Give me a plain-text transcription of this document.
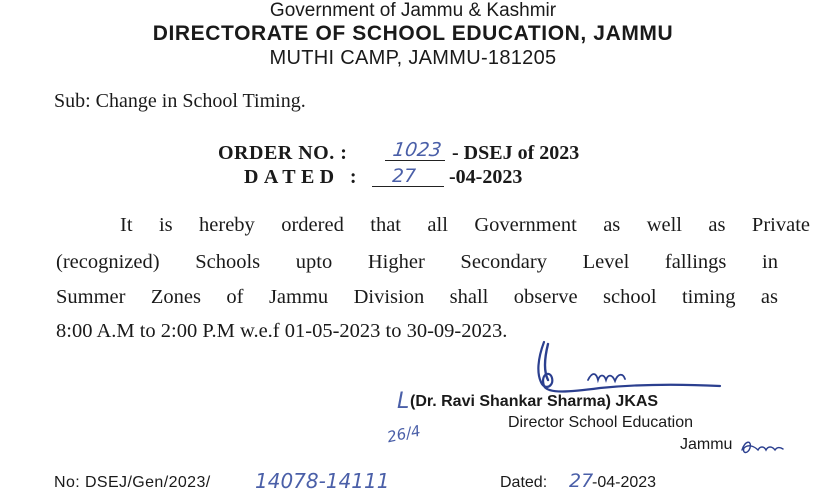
Government of Jammu & Kashmir
DIRECTORATE OF SCHOOL EDUCATION, JAMMU
MUTHI CAMP, JAMMU-181205
Sub: Change in School Timing.
ORDER NO. : 1023 - DSEJ of 2023
DATED : 27 -04-2023
It is hereby ordered that all Government as well as Private
(recognized) Schools upto Higher Secondary Level fallings in
Summer Zones of Jammu Division shall observe school timing as
8:00 A.M to 2:00 P.M w.e.f 01-05-2023 to 30-09-2023.
L (Dr. Ravi Shankar Sharma) JKAS
Director School Education
Jammu
26/4
No: DSEJ/Gen/2023/ 14078-14111	Dated: 27
-04-2023
